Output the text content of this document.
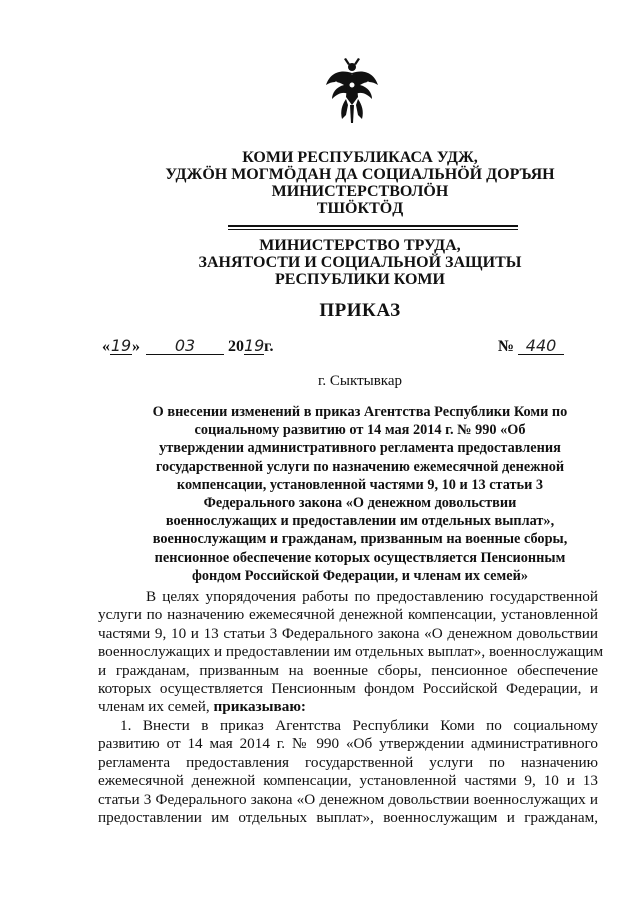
КОМИ РЕСПУБЛИКАСА УДЖ,
УДЖӦН МОГМӦДАН ДА СОЦИАЛЬНӦЙ ДОРЪЯН
МИНИСТЕРСТВОЛӦН
ТШӦКТӦД
МИНИСТЕРСТВО ТРУДА,
ЗАНЯТОСТИ И СОЦИАЛЬНОЙ ЗАЩИТЫ
РЕСПУБЛИКИ КОМИ
ПРИКАЗ
«19» 03 2019г.	№ 440
г. Сыктывкар
О внесении изменений в приказ Агентства Республики Коми по
социальному развитию от 14 мая 2014 г. № 990 «Об
утверждении административного регламента предоставления
государственной услуги по назначению ежемесячной денежной
компенсации, установленной частями 9, 10 и 13 статьи 3
Федерального закона «О денежном довольствии
военнослужащих и предоставлении им отдельных выплат»,
военнослужащим и гражданам, призванным на военные сборы,
пенсионное обеспечение которых осуществляется Пенсионным
фондом Российской Федерации, и членам их семей»
В целях упорядочения работы по предоставлению государственной
услуги по назначению ежемесячной денежной компенсации, установленной
частями 9, 10 и 13 статьи 3 Федерального закона «О денежном довольствии
военнослужащих и предоставлении им отдельных выплат», военнослужащим
и гражданам, призванным на военные сборы, пенсионное обеспечение
которых осуществляется Пенсионным фондом Российской Федерации, и
членам их семей, приказываю:
1. Внести в приказ Агентства Республики Коми по социальному
развитию от 14 мая 2014 г. № 990 «Об утверждении административного
регламента предоставления государственной услуги по назначению
ежемесячной денежной компенсации, установленной частями 9, 10 и 13
статьи 3 Федерального закона «О денежном довольствии военнослужащих и
предоставлении им отдельных выплат», военнослужащим и гражданам,
